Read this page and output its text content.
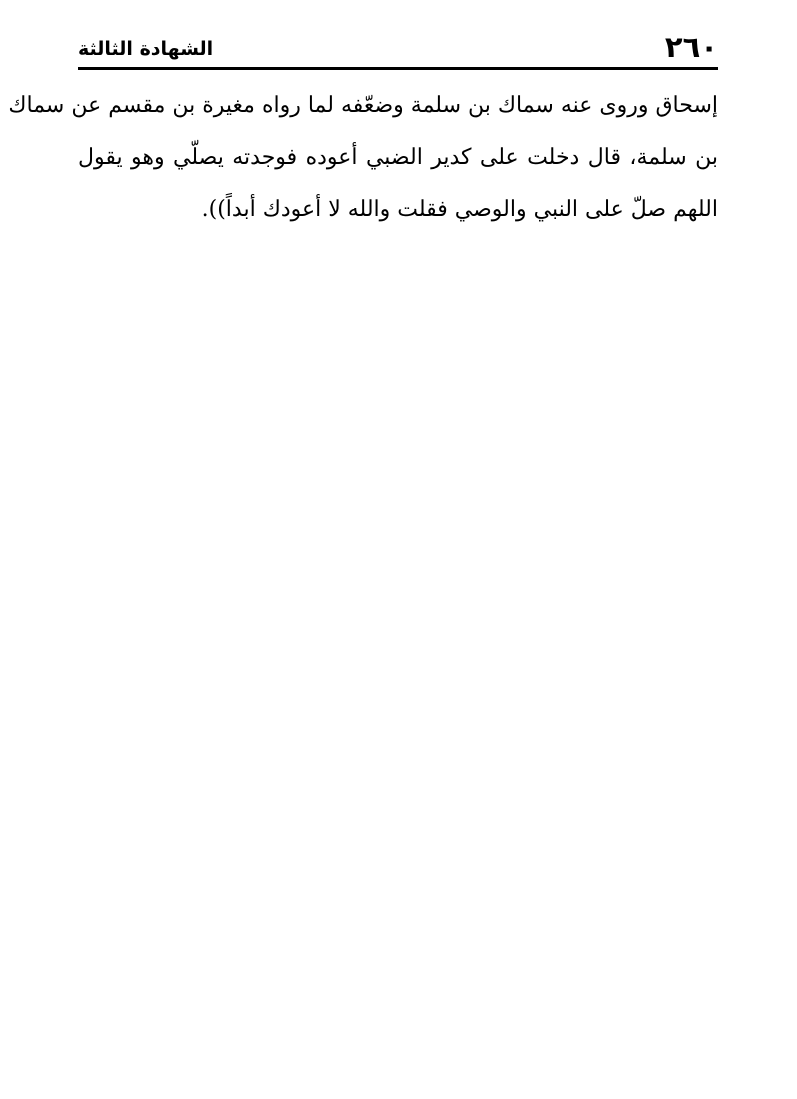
٢٦٠
الشهادة الثالثة
إسحاق وروى عنه سماك بن سلمة وضعّفه لما رواه مغيرة بن مقسم عن سماك
بن سلمة، قال دخلت على كدير الضبي أعوده فوجدته يصلّي وهو يقول
اللهم صلّ على النبي والوصي فقلت والله لا أعودك أبداً)).
